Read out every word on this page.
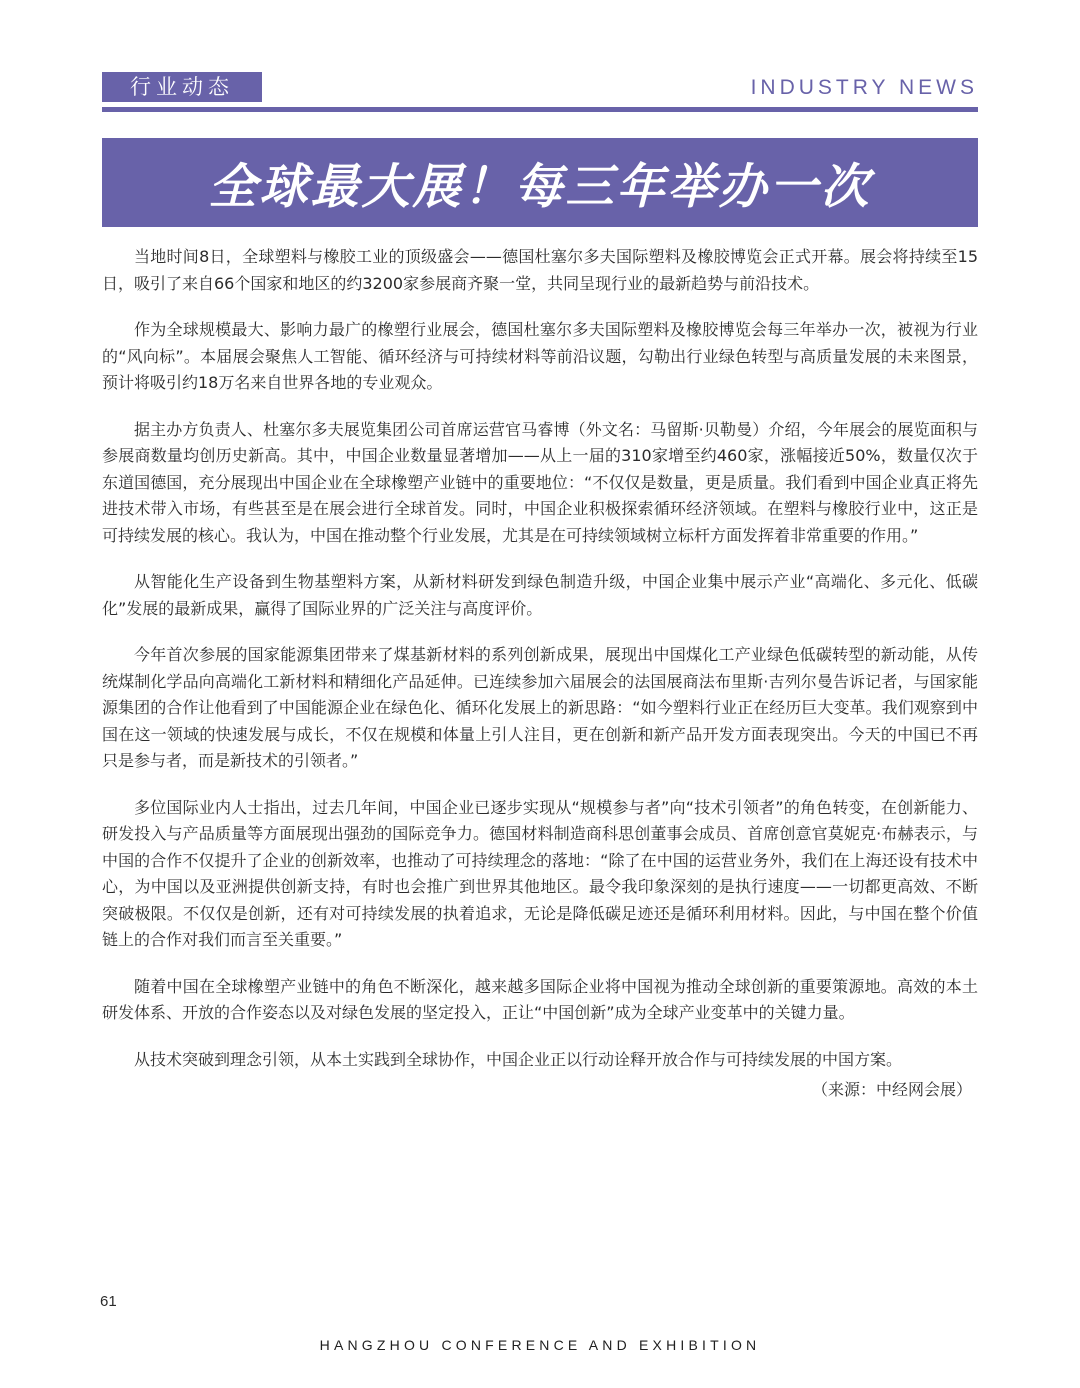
行业动态	INDUSTRY NEWS
全球最大展！每三年举办一次

当地时间8日，全球塑料与橡胶工业的顶级盛会——德国杜塞尔多夫国际塑料及橡胶博览会正式开幕。展会将持续至15日，吸引了来自66个国家和地区的约3200家参展商齐聚一堂，共同呈现行业的最新趋势与前沿技术。

作为全球规模最大、影响力最广的橡塑行业展会，德国杜塞尔多夫国际塑料及橡胶博览会每三年举办一次，被视为行业的“风向标”。本届展会聚焦人工智能、循环经济与可持续材料等前沿议题，勾勒出行业绿色转型与高质量发展的未来图景，预计将吸引约18万名来自世界各地的专业观众。

据主办方负责人、杜塞尔多夫展览集团公司首席运营官马睿博（外文名：马留斯·贝勒曼）介绍，今年展会的展览面积与参展商数量均创历史新高。其中，中国企业数量显著增加——从上一届的310家增至约460家，涨幅接近50%，数量仅次于东道国德国，充分展现出中国企业在全球橡塑产业链中的重要地位：“不仅仅是数量，更是质量。我们看到中国企业真正将先进技术带入市场，有些甚至是在展会进行全球首发。同时，中国企业积极探索循环经济领域。在塑料与橡胶行业中，这正是可持续发展的核心。我认为，中国在推动整个行业发展，尤其是在可持续领域树立标杆方面发挥着非常重要的作用。”

从智能化生产设备到生物基塑料方案，从新材料研发到绿色制造升级，中国企业集中展示产业“高端化、多元化、低碳化”发展的最新成果，赢得了国际业界的广泛关注与高度评价。

今年首次参展的国家能源集团带来了煤基新材料的系列创新成果，展现出中国煤化工产业绿色低碳转型的新动能，从传统煤制化学品向高端化工新材料和精细化产品延伸。已连续参加六届展会的法国展商法布里斯·吉列尔曼告诉记者，与国家能源集团的合作让他看到了中国能源企业在绿色化、循环化发展上的新思路：“如今塑料行业正在经历巨大变革。我们观察到中国在这一领域的快速发展与成长，不仅在规模和体量上引人注目，更在创新和新产品开发方面表现突出。今天的中国已不再只是参与者，而是新技术的引领者。”

多位国际业内人士指出，过去几年间，中国企业已逐步实现从“规模参与者”向“技术引领者”的角色转变，在创新能力、研发投入与产品质量等方面展现出强劲的国际竞争力。德国材料制造商科思创董事会成员、首席创意官莫妮克·布赫表示，与中国的合作不仅提升了企业的创新效率，也推动了可持续理念的落地：“除了在中国的运营业务外，我们在上海还设有技术中心，为中国以及亚洲提供创新支持，有时也会推广到世界其他地区。最令我印象深刻的是执行速度——一切都更高效、不断突破极限。不仅仅是创新，还有对可持续发展的执着追求，无论是降低碳足迹还是循环利用材料。因此，与中国在整个价值链上的合作对我们而言至关重要。”

随着中国在全球橡塑产业链中的角色不断深化，越来越多国际企业将中国视为推动全球创新的重要策源地。高效的本土研发体系、开放的合作姿态以及对绿色发展的坚定投入，正让“中国创新”成为全球产业变革中的关键力量。

从技术突破到理念引领，从本土实践到全球协作，中国企业正以行动诠释开放合作与可持续发展的中国方案。

（来源：中经网会展）
61
HANGZHOU CONFERENCE AND EXHIBITION
